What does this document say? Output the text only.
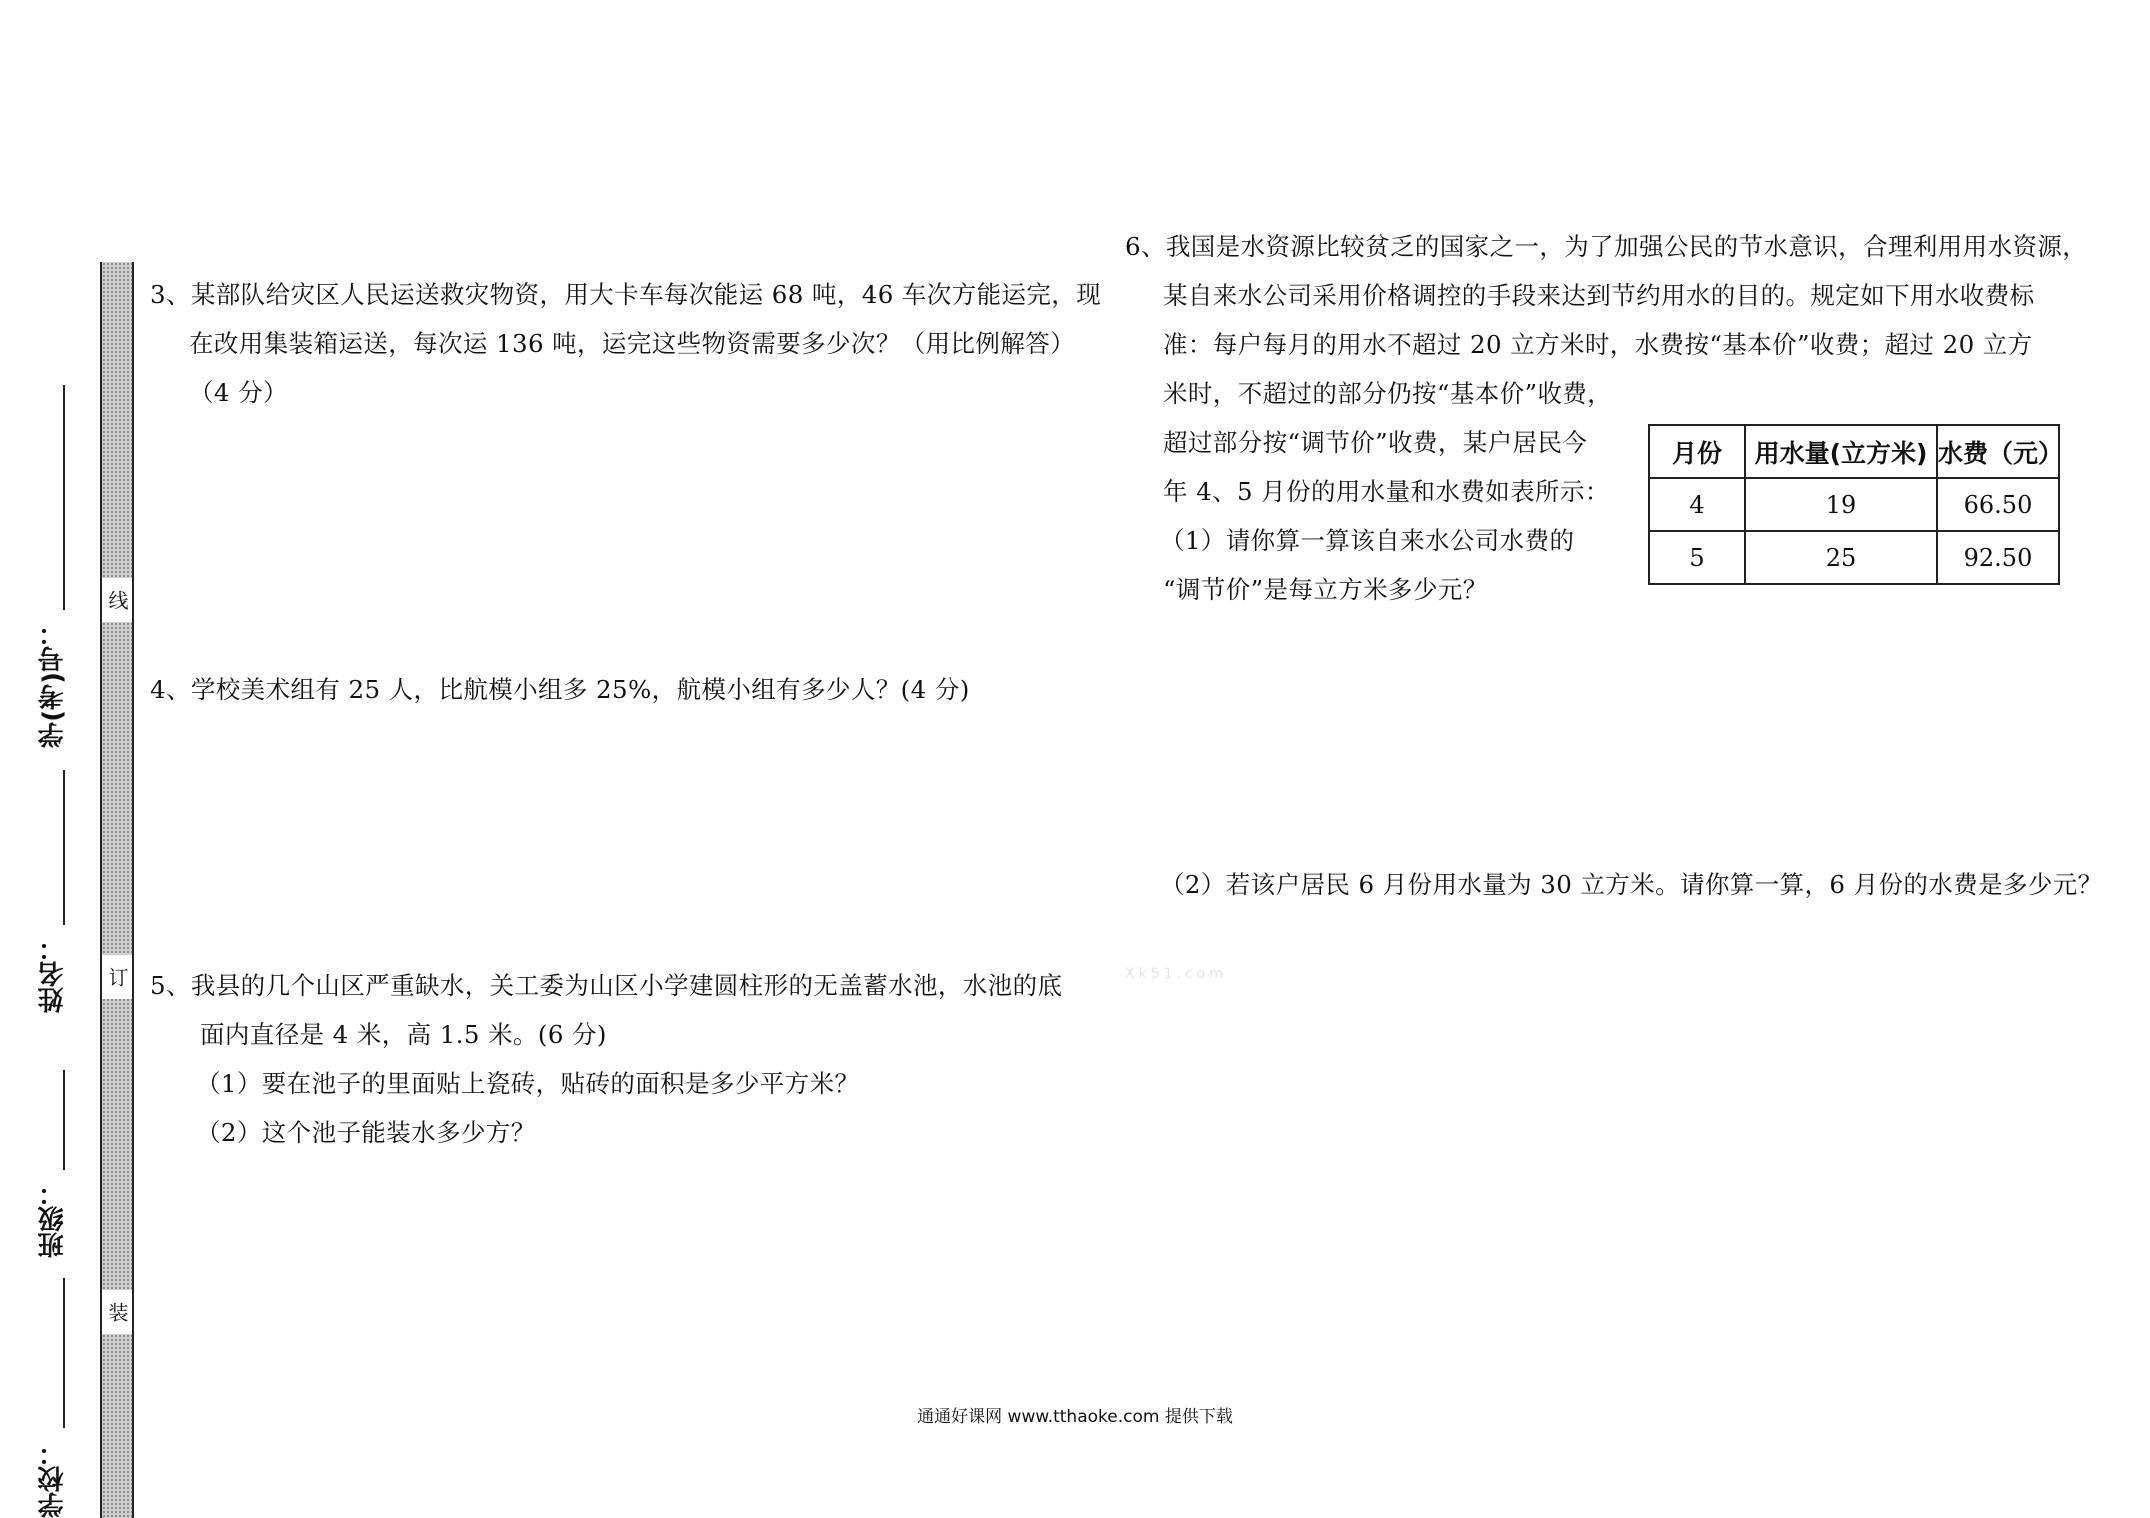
线
订
装
学(考)号：
姓名：
班级：
学校：
3、某部队给灾区人民运送救灾物资，用大卡车每次能运 68 吨，46 车次方能运完，现
在改用集装箱运送，每次运 136 吨，运完这些物资需要多少次？（用比例解答）
（4 分）
4、学校美术组有 25 人，比航模小组多 25%，航模小组有多少人？(4 分)
5、我县的几个山区严重缺水，关工委为山区小学建圆柱形的无盖蓄水池，水池的底
面内直径是 4 米，高 1.5 米。(6 分)
（1）要在池子的里面贴上瓷砖，贴砖的面积是多少平方米？
（2）这个池子能装水多少方？
6、我国是水资源比较贫乏的国家之一，为了加强公民的节水意识，合理利用用水资源，
某自来水公司采用价格调控的手段来达到节约用水的目的。规定如下用水收费标
准：每户每月的用水不超过 20 立方米时，水费按“基本价”收费；超过 20 立方
米时，不超过的部分仍按“基本价”收费，
超过部分按“调节价”收费，某户居民今
年 4、5 月份的用水量和水费如表所示：
（1）请你算一算该自来水公司水费的
“调节价”是每立方米多少元？
月份	用水量(立方米)	水费（元）
4	19	66.50
5	25	92.50
（2）若该户居民 6 月份用水量为 30 立方米。请你算一算，6 月份的水费是多少元？
Xk51.com
通通好课网 www.tthaoke.com 提供下载
